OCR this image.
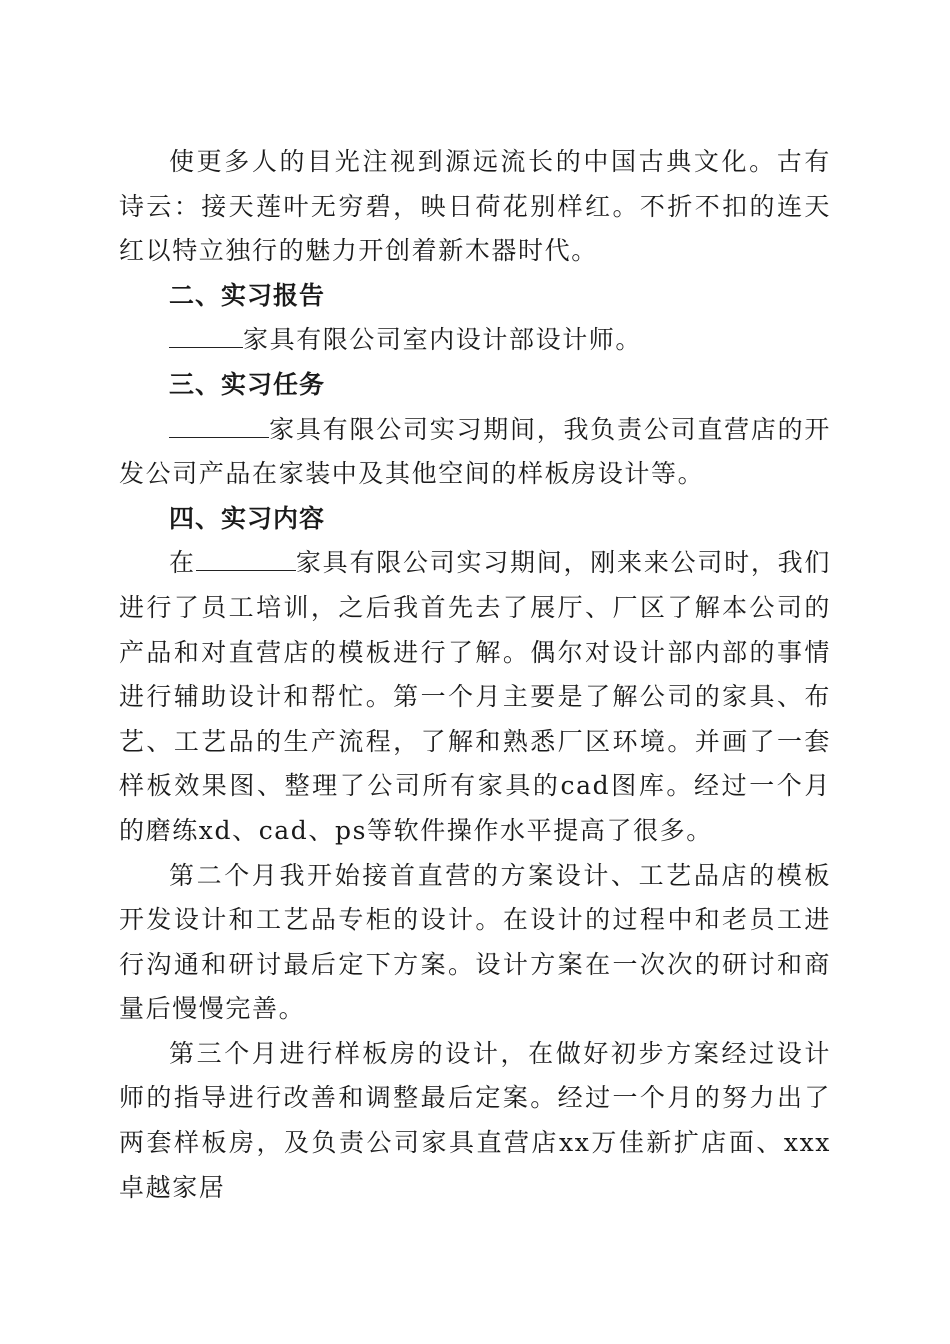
使更多人的目光注视到源远流长的中国古典文化。古有诗云：接天莲叶无穷碧，映日荷花别样红。不折不扣的连天红以特立独行的魅力开创着新木器时代。

二、实习报告

家具有限公司室内设计部设计师。

三、实习任务

家具有限公司实习期间，我负责公司直营店的开发公司产品在家装中及其他空间的样板房设计等。

四、实习内容

在	家具有限公司实习期间，刚来来公司时，我们进行了员工培训，之后我首先去了展厅、厂区了解本公司的产品和对直营店的模板进行了解。偶尔对设计部内部的事情进行辅助设计和帮忙。第一个月主要是了解公司的家具、布艺、工艺品的生产流程，了解和熟悉厂区环境。并画了一套样板效果图、整理了公司所有家具的cad图库。经过一个月的磨练xd、cad、ps等软件操作水平提高了很多。

第二个月我开始接首直营的方案设计、工艺品店的模板开发设计和工艺品专柜的设计。在设计的过程中和老员工进行沟通和研讨最后定下方案。设计方案在一次次的研讨和商量后慢慢完善。

第三个月进行样板房的设计，在做好初步方案经过设计师的指导进行改善和调整最后定案。经过一个月的努力出了两套样板房，及负责公司家具直营店xx万佳新扩店面、xxx卓越家居
